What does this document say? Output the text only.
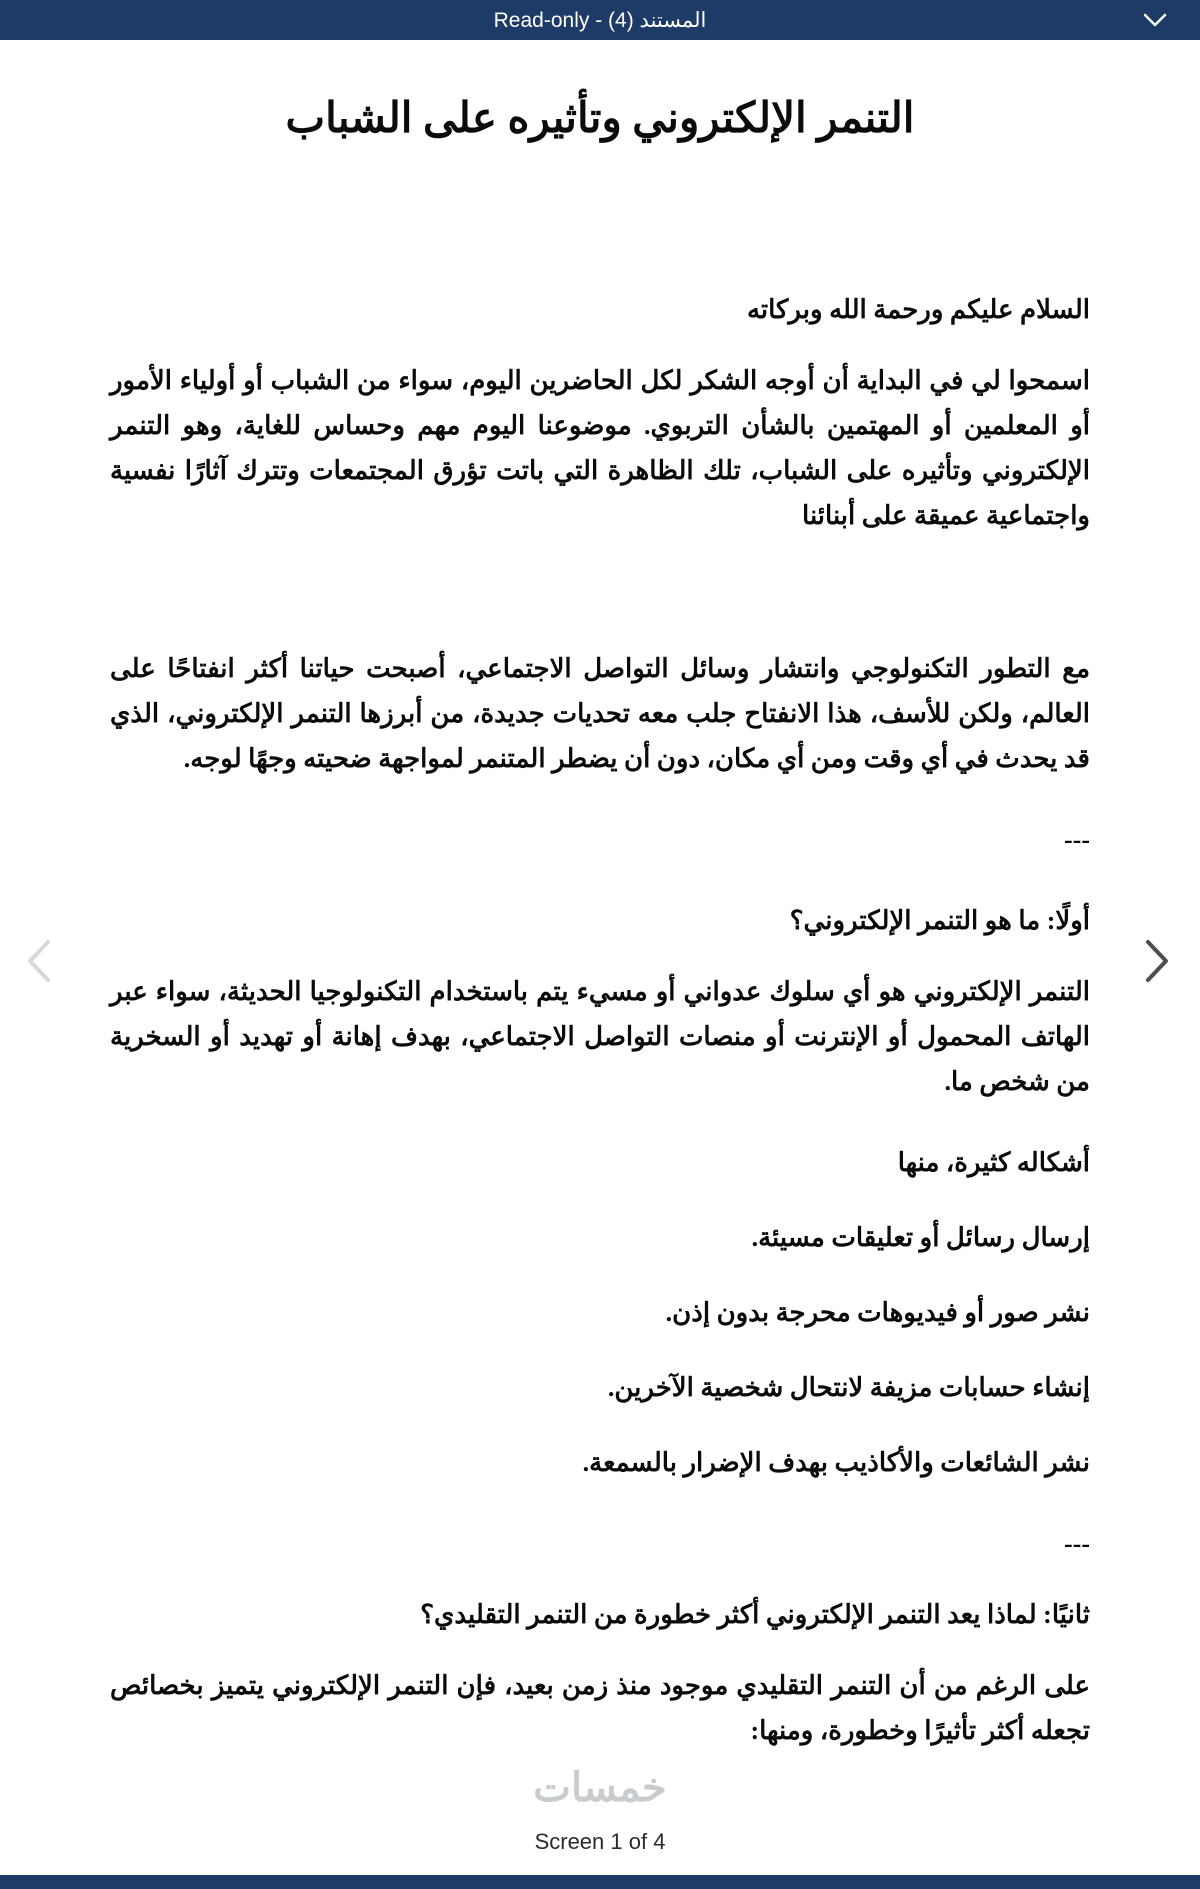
المستند (4) - Read-only
التنمر الإلكتروني وتأثيره على الشباب

السلام عليكم ورحمة الله وبركاته

اسمحوا لي في البداية أن أوجه الشكر لكل الحاضرين اليوم، سواء من الشباب أو أولياء الأمور أو المعلمين أو المهتمين بالشأن التربوي. موضوعنا اليوم مهم وحساس للغاية، وهو التنمر الإلكتروني وتأثيره على الشباب، تلك الظاهرة التي باتت تؤرق المجتمعات وتترك آثارًا نفسية واجتماعية عميقة على أبنائنا

مع التطور التكنولوجي وانتشار وسائل التواصل الاجتماعي، أصبحت حياتنا أكثر انفتاحًا على العالم، ولكن للأسف، هذا الانفتاح جلب معه تحديات جديدة، من أبرزها التنمر الإلكتروني، الذي قد يحدث في أي وقت ومن أي مكان، دون أن يضطر المتنمر لمواجهة ضحيته وجهًا لوجه.

---

أولًا: ما هو التنمر الإلكتروني؟

التنمر الإلكتروني هو أي سلوك عدواني أو مسيء يتم باستخدام التكنولوجيا الحديثة، سواء عبر الهاتف المحمول أو الإنترنت أو منصات التواصل الاجتماعي، بهدف إهانة أو تهديد أو السخرية من شخص ما.

أشكاله كثيرة، منها

إرسال رسائل أو تعليقات مسيئة.

نشر صور أو فيديوهات محرجة بدون إذن.

إنشاء حسابات مزيفة لانتحال شخصية الآخرين.

نشر الشائعات والأكاذيب بهدف الإضرار بالسمعة.

---

ثانيًا: لماذا يعد التنمر الإلكتروني أكثر خطورة من التنمر التقليدي؟

على الرغم من أن التنمر التقليدي موجود منذ زمن بعيد، فإن التنمر الإلكتروني يتميز بخصائص تجعله أكثر تأثيرًا وخطورة، ومنها:

خمسات
Screen 1 of 4
